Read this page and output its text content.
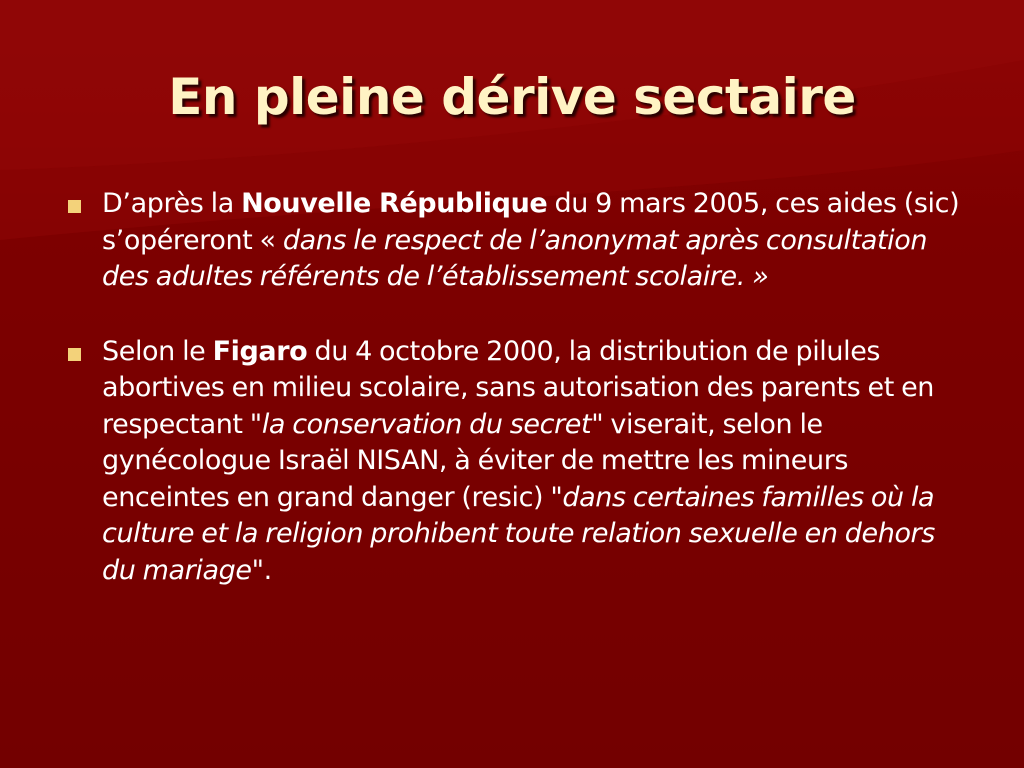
En pleine dérive sectaire
D’après la Nouvelle République du 9 mars 2005, ces aides (sic) s’opéreront « dans le respect de l’anonymat après consultation des adultes référents de l’établissement scolaire. »
Selon le Figaro du 4 octobre 2000, la distribution de pilules abortives en milieu scolaire, sans autorisation des parents et en respectant "la conservation du secret" viserait, selon le gynécologue Israël NISAN, à éviter de mettre les mineurs enceintes en grand danger (resic) "dans certaines familles où la culture et la religion prohibent toute relation sexuelle en dehors du mariage".
